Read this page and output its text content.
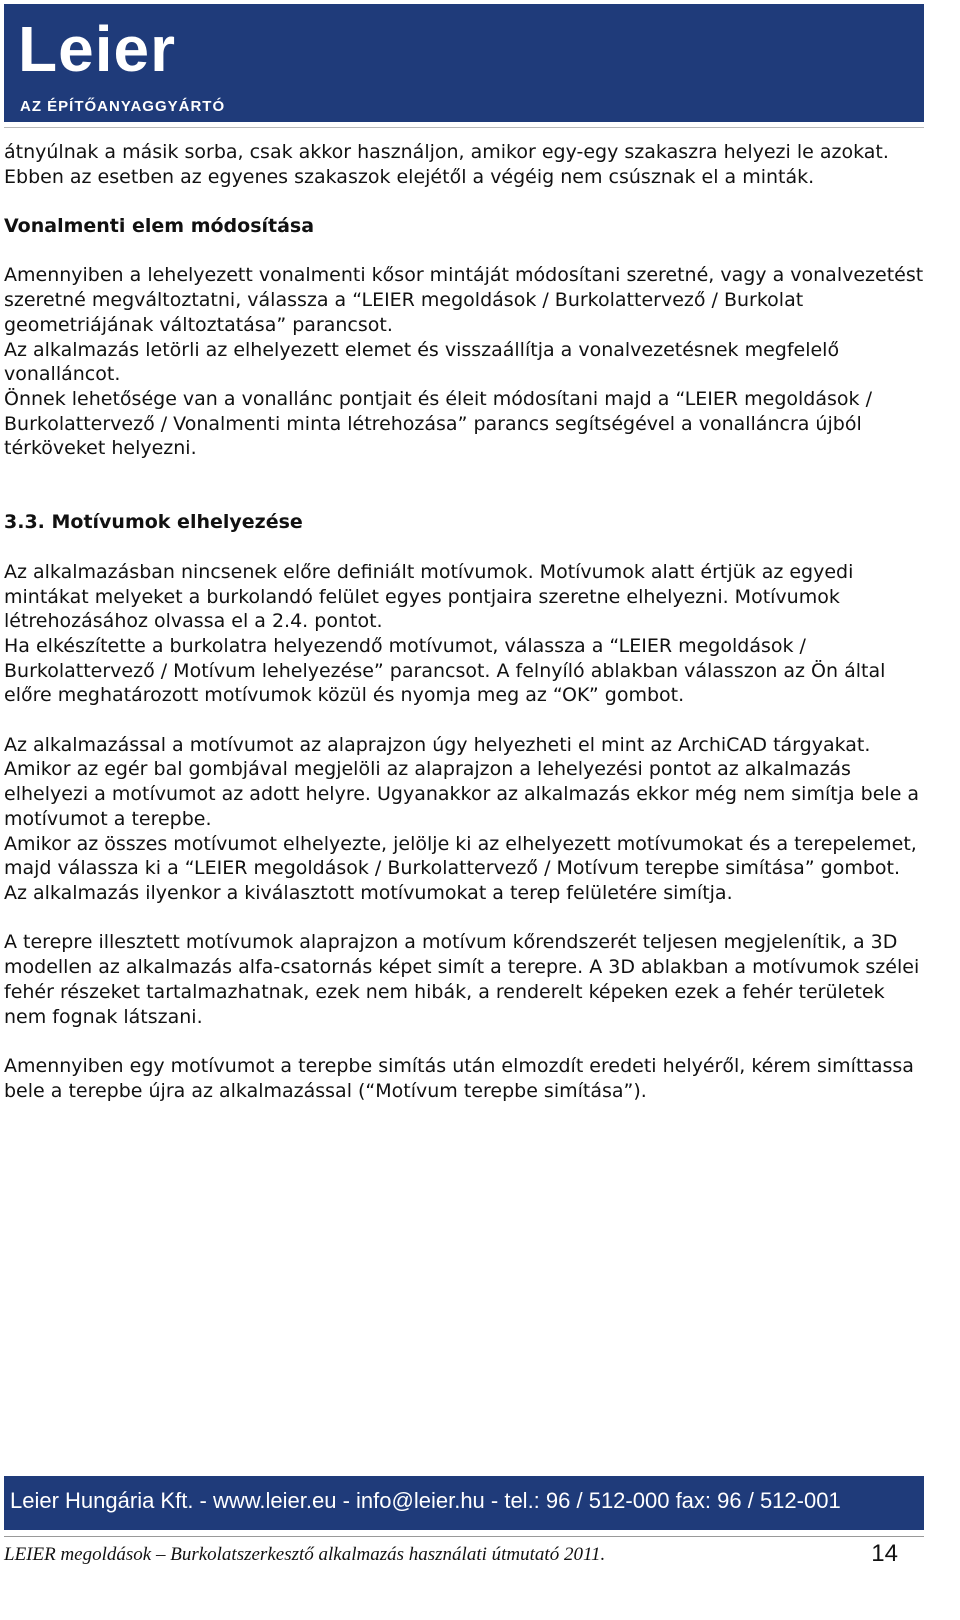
Leier
AZ ÉPÍTŐANYAGGYÁRTÓ

átnyúlnak a másik sorba, csak akkor használjon, amikor egy-egy szakaszra helyezi le azokat. Ebben az esetben az egyenes szakaszok elejétől a végéig nem csúsznak el a minták.

Vonalmenti elem módosítása

Amennyiben a lehelyezett vonalmenti kősor mintáját módosítani szeretné, vagy a vonalvezetést szeretné megváltoztatni, válassza a “LEIER megoldások / Burkolattervező / Burkolat geometriájának változtatása” parancsot.

Az alkalmazás letörli az elhelyezett elemet és visszaállítja a vonalvezetésnek megfelelő vonalláncot.

Önnek lehetősége van a vonallánc pontjait és éleit módosítani majd a “LEIER megoldások / Burkolattervező / Vonalmenti minta létrehozása” parancs segítségével a vonalláncra újból térköveket helyezni.

3.3. Motívumok elhelyezése

Az alkalmazásban nincsenek előre definiált motívumok. Motívumok alatt értjük az egyedi mintákat melyeket a burkolandó felület egyes pontjaira szeretne elhelyezni. Motívumok létrehozásához olvassa el a 2.4. pontot.

Ha elkészítette a burkolatra helyezendő motívumot, válassza a “LEIER megoldások / Burkolattervező / Motívum lehelyezése” parancsot. A felnyíló ablakban válasszon az Ön által előre meghatározott motívumok közül és nyomja meg az “OK” gombot.

Az alkalmazással a motívumot az alaprajzon úgy helyezheti el mint az ArchiCAD tárgyakat. Amikor az egér bal gombjával megjelöli az alaprajzon a lehelyezési pontot az alkalmazás elhelyezi a motívumot az adott helyre. Ugyanakkor az alkalmazás ekkor még nem simítja bele a motívumot a terepbe.

Amikor az összes motívumot elhelyezte, jelölje ki az elhelyezett motívumokat és a terepelemet, majd válassza ki a “LEIER megoldások / Burkolattervező / Motívum terepbe simítása” gombot.

Az alkalmazás ilyenkor a kiválasztott motívumokat a terep felületére simítja.

A terepre illesztett motívumok alaprajzon a motívum kőrendszerét teljesen megjelenítik, a 3D modellen az alkalmazás alfa-csatornás képet simít a terepre. A 3D ablakban a motívumok szélei fehér részeket tartalmazhatnak, ezek nem hibák, a renderelt képeken ezek a fehér területek nem fognak látszani.

Amennyiben egy motívumot a terepbe simítás után elmozdít eredeti helyéről, kérem simíttassa bele a terepbe újra az alkalmazással (“Motívum terepbe simítása”).

Leier Hungária Kft. - www.leier.eu - info@leier.hu - tel.: 96 / 512-000 fax: 96 / 512-001
LEIER megoldások – Burkolatszerkesztő alkalmazás használati útmutató 2011.	14
